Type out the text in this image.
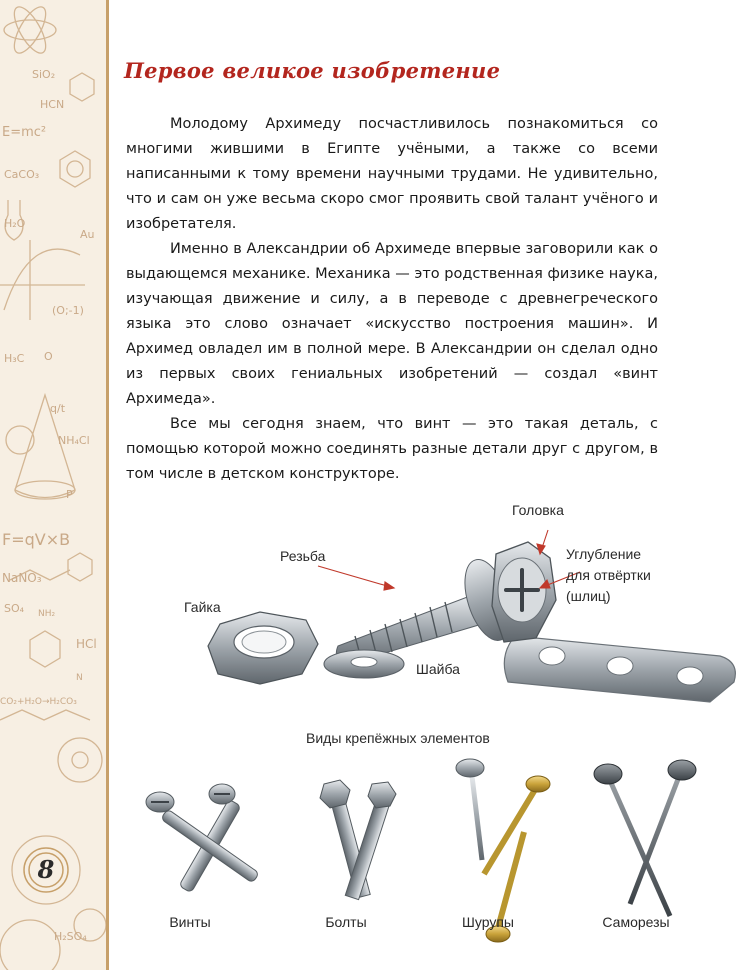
SiO₂
HCN
E=mc²
CaCO₃
H₂O
Au
H₃C
(O;-1)
q/t
NH₄Cl
F=qV×B
NaNO₃
SO₄ NH₂
HCl
CO₂+H₂O→H₂CO₃
H₂SO₄
P
O
N
8
Первое великое изобретение

Молодому Архимеду посчастливилось познакомиться со многими жившими в Египте учёными, а также со всеми написанными к тому времени научными трудами. Не удивительно, что и сам он уже весьма скоро смог проявить свой талант учёного и изобретателя.

Именно в Александрии об Архимеде впервые заговорили как о выдающемся механике. Механика — это родственная физике наука, изучающая движение и силу, а в переводе с древнегреческого языка это слово означает «искусство построения машин». И Архимед овладел им в полной мере. В Александрии он сделал одно из первых своих гениальных изобретений — создал «винт Архимеда».

Все мы сегодня знаем, что винт — это такая деталь, с помощью которой можно соединять разные детали друг с другом, в том числе в детском конструкторе.

Головка
Резьба	Углубление
для отвёртки
(шлиц)
Гайка
Шайба
Виды крепёжных элементов
Винты	Болты	Шурупы	Саморезы
